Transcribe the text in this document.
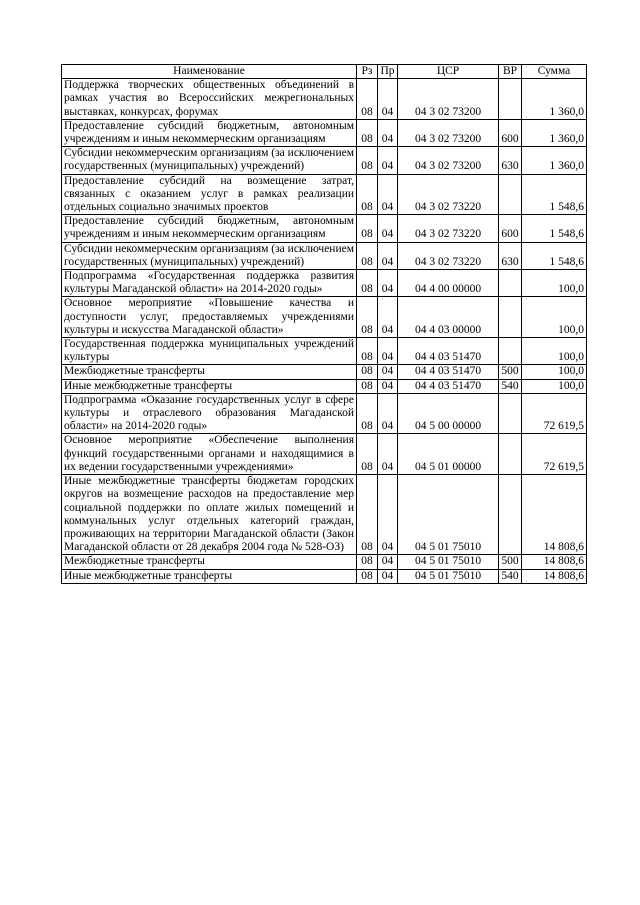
Наименование	Рз	Пр	ЦСР	ВР	Сумма
Поддержка творческих общественных объединений в рамках участия во Всероссийских межрегиональных выставках, конкурсах, форумах	08	04	04 3 02 73200		1 360,0
Предоставление субсидий бюджетным, автономным учреждениям и иным некоммерческим организациям	08	04	04 3 02 73200	600	1 360,0
Субсидии некоммерческим организациям (за исключением государственных (муниципальных) учреждений)	08	04	04 3 02 73200	630	1 360,0
Предоставление субсидий на возмещение затрат, связанных с оказанием услуг в рамках реализации отдельных социально значимых проектов	08	04	04 3 02 73220		1 548,6
Предоставление субсидий бюджетным, автономным учреждениям и иным некоммерческим организациям	08	04	04 3 02 73220	600	1 548,6
Субсидии некоммерческим организациям (за исключением государственных (муниципальных) учреждений)	08	04	04 3 02 73220	630	1 548,6
Подпрограмма «Государственная поддержка развития культуры Магаданской области» на 2014-2020 годы»	08	04	04 4 00 00000		100,0
Основное мероприятие «Повышение качества и доступности услуг, предоставляемых учреждениями культуры и искусства Магаданской области»	08	04	04 4 03 00000		100,0
Государственная поддержка муниципальных учреждений культуры	08	04	04 4 03 51470		100,0
Межбюджетные трансферты	08	04	04 4 03 51470	500	100,0
Иные межбюджетные трансферты	08	04	04 4 03 51470	540	100,0
Подпрограмма «Оказание государственных услуг в сфере культуры и отраслевого образования Магаданской области» на 2014-2020 годы»	08	04	04 5 00 00000		72 619,5
Основное мероприятие «Обеспечение выполнения функций государственными органами и находящимися в их ведении государственными учреждениями»	08	04	04 5 01 00000		72 619,5
Иные межбюджетные трансферты бюджетам городских округов на возмещение расходов на предоставление мер социальной поддержки по оплате жилых помещений и коммунальных услуг отдельных категорий граждан, проживающих на территории Магаданской области (Закон Магаданской области от 28 декабря 2004 года № 528-ОЗ)	08	04	04 5 01 75010		14 808,6
Межбюджетные трансферты	08	04	04 5 01 75010	500	14 808,6
Иные межбюджетные трансферты	08	04	04 5 01 75010	540	14 808,6
